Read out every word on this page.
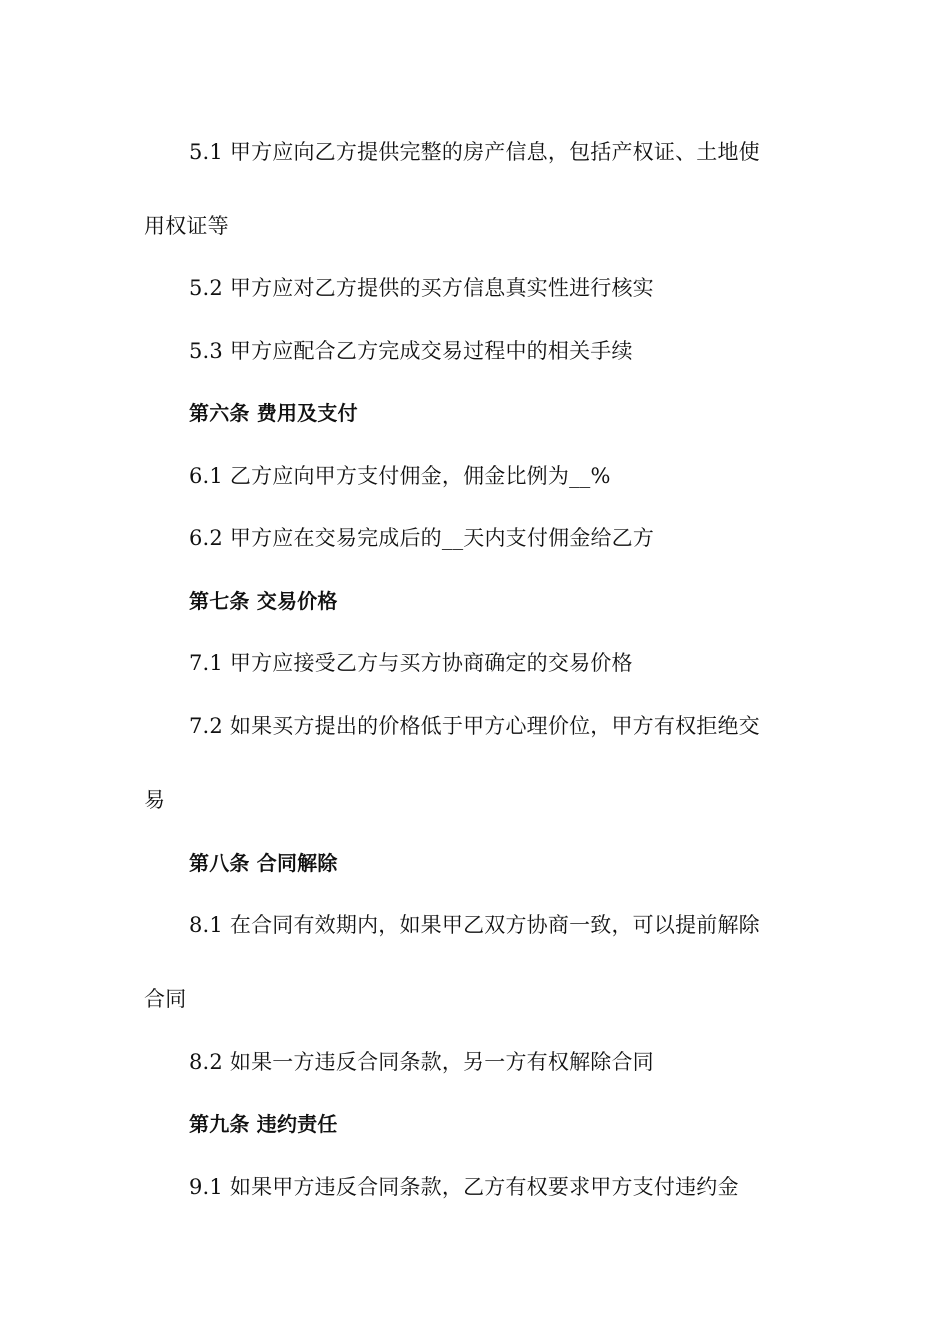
5.1 甲方应向乙方提供完整的房产信息，包括产权证、土地使
用权证等
5.2 甲方应对乙方提供的买方信息真实性进行核实
5.3 甲方应配合乙方完成交易过程中的相关手续
第六条 费用及支付
6.1 乙方应向甲方支付佣金，佣金比例为__%
6.2 甲方应在交易完成后的__天内支付佣金给乙方
第七条 交易价格
7.1 甲方应接受乙方与买方协商确定的交易价格
7.2 如果买方提出的价格低于甲方心理价位，甲方有权拒绝交
易
第八条 合同解除
8.1 在合同有效期内，如果甲乙双方协商一致，可以提前解除
合同
8.2 如果一方违反合同条款，另一方有权解除合同
第九条 违约责任
9.1 如果甲方违反合同条款，乙方有权要求甲方支付违约金
